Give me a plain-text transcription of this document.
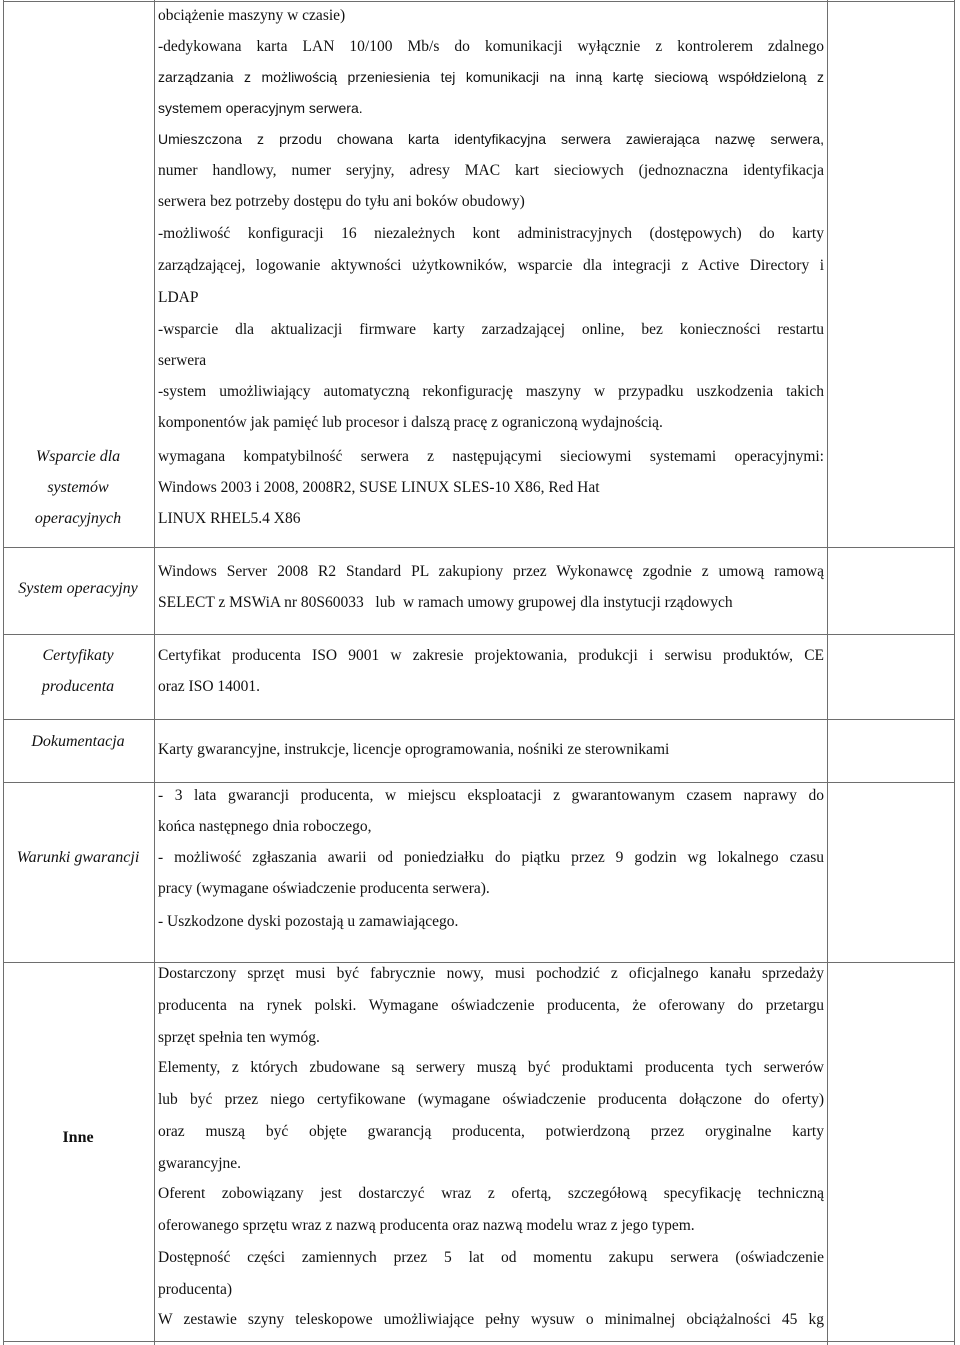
obciążenie maszyny w czasie)
-dedykowana karta LAN 10/100 Mb/s do komunikacji wyłącznie z kontrolerem zdalnego
zarządzania z możliwością przeniesienia tej komunikacji na inną kartę sieciową współdzieloną z
systemem operacyjnym serwera.
Umieszczona z przodu chowana karta identyfikacyjna serwera zawierająca nazwę serwera,
numer handlowy, numer seryjny, adresy MAC kart sieciowych (jednoznaczna identyfikacja
serwera bez potrzeby dostępu do tyłu ani boków obudowy)
-możliwość konfiguracji 16 niezależnych kont administracyjnych (dostępowych) do karty
zarządzającej, logowanie aktywności użytkowników, wsparcie dla integracji z Active Directory i
LDAP
-wsparcie dla aktualizacji firmware karty zarzadzającej online, bez konieczności restartu
serwera
-system umożliwiający automatyczną rekonfigurację maszyny w przypadku uszkodzenia takich
komponentów jak pamięć lub procesor i dalszą pracę z ograniczoną wydajnością.
Wsparcie dla
systemów
operacyjnych
wymagana kompatybilność serwera z następującymi sieciowymi systemami operacyjnymi:
Windows 2003 i 2008, 2008R2, SUSE LINUX SLES-10 X86, Red Hat
LINUX RHEL5.4 X86
System operacyjny
Windows Server 2008 R2 Standard PL zakupiony przez Wykonawcę zgodnie z umową ramową
SELECT z MSWiA nr 80S60033   lub  w ramach umowy grupowej dla instytucji rządowych
Certyfikaty
producenta
Certyfikat producenta ISO 9001 w zakresie projektowania, produkcji i serwisu produktów, CE
oraz ISO 14001.
Dokumentacja	Karty gwarancyjne, instrukcje, licencje oprogramowania, nośniki ze sterownikami
Warunki gwarancji
- 3 lata gwarancji producenta, w miejscu eksploatacji z gwarantowanym czasem naprawy do
końca następnego dnia roboczego,
- możliwość zgłaszania awarii od poniedziałku do piątku przez 9 godzin wg lokalnego czasu
pracy (wymagane oświadczenie producenta serwera).
- Uszkodzone dyski pozostają u zamawiającego.
Inne
Dostarczony sprzęt musi być fabrycznie nowy, musi pochodzić z oficjalnego kanału sprzedaży
producenta na rynek polski. Wymagane oświadczenie producenta, że oferowany do przetargu
sprzęt spełnia ten wymóg.
Elementy, z których zbudowane są serwery muszą być produktami producenta tych serwerów
lub być przez niego certyfikowane (wymagane oświadczenie producenta dołączone do oferty)
oraz muszą być objęte gwarancją producenta, potwierdzoną przez oryginalne karty
gwarancyjne.
Oferent zobowiązany jest dostarczyć wraz z ofertą, szczegółową specyfikację techniczną
oferowanego sprzętu wraz z nazwą producenta oraz nazwą modelu wraz z jego typem.
Dostępność części zamiennych przez 5 lat od momentu zakupu serwera (oświadczenie
producenta)
W zestawie szyny teleskopowe umożliwiające pełny wysuw o minimalnej obciążalności 45 kg
